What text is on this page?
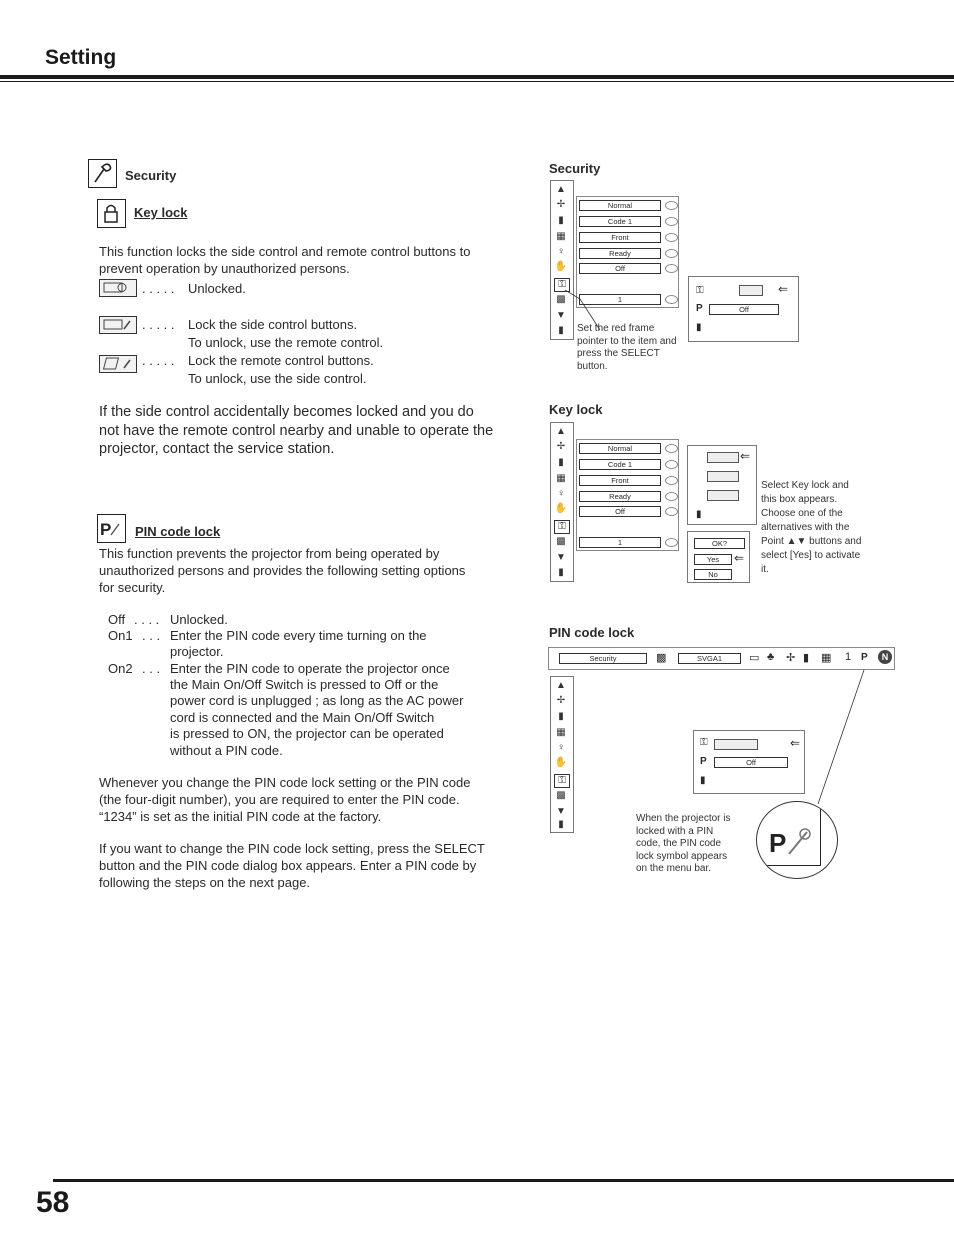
Setting
Security
Key lock
This function locks the side control and remote control buttons to prevent operation by unauthorized persons.
. . . . . Unlocked.
. . . . . Lock the side control buttons.
To unlock, use the remote control.
. . . . . Lock the remote control buttons.
To unlock, use the side control.
If the side control accidentally becomes locked and you do not have the remote control nearby and unable to operate the projector, contact the service station.
P PIN code lock
This function prevents the projector from being operated by unauthorized persons and provides the following setting options for security.
Off . . . . Unlocked.
On1 . . . Enter the PIN code every time turning on the
projector.
On2 . . . Enter the PIN code to operate the projector once
the Main On/Off Switch is pressed to Off or the
power cord is unplugged ; as long as the AC power
cord is connected and the Main On/Off Switch
is pressed to ON, the projector can be operated
without a PIN code.
Whenever you change the PIN code lock setting or the PIN code (the four-digit number), you are required to enter the PIN code. “1234” is set as the initial PIN code at the factory.
If you want to change the PIN code lock setting, press the SELECT button and the PIN code dialog box appears. Enter a PIN code by following the steps on the next page.
Security
▲
✢
▮
▦
♀
✋
⚿
▩
▼
▮
Normal
Code 1
Front
Ready
Off
1
⚿	⇐
P	Off
▮
Set the red frame pointer to the item and press the SELECT button.
Key lock
▲
✢
▮
▦
♀
✋
⚿
▩
▼
▮
Normal
Code 1
Front
Ready
Off
1
⇐
▮
OK?
Yes	⇐
No
Select Key lock and this box appears. Choose one of the alternatives with the Point ▲▼ buttons and select [Yes] to activate it.
PIN code lock
Security	▩	SVGA1	▭ ♣ ✢ ▮ ▦ 1 P	N
▲
✢
▮
▦
♀
✋
⚿
▩
▼
▮
⚿	⇐
P	Off
▮
P
When the projector is locked with a PIN code, the PIN code lock symbol appears on the menu bar.
58
